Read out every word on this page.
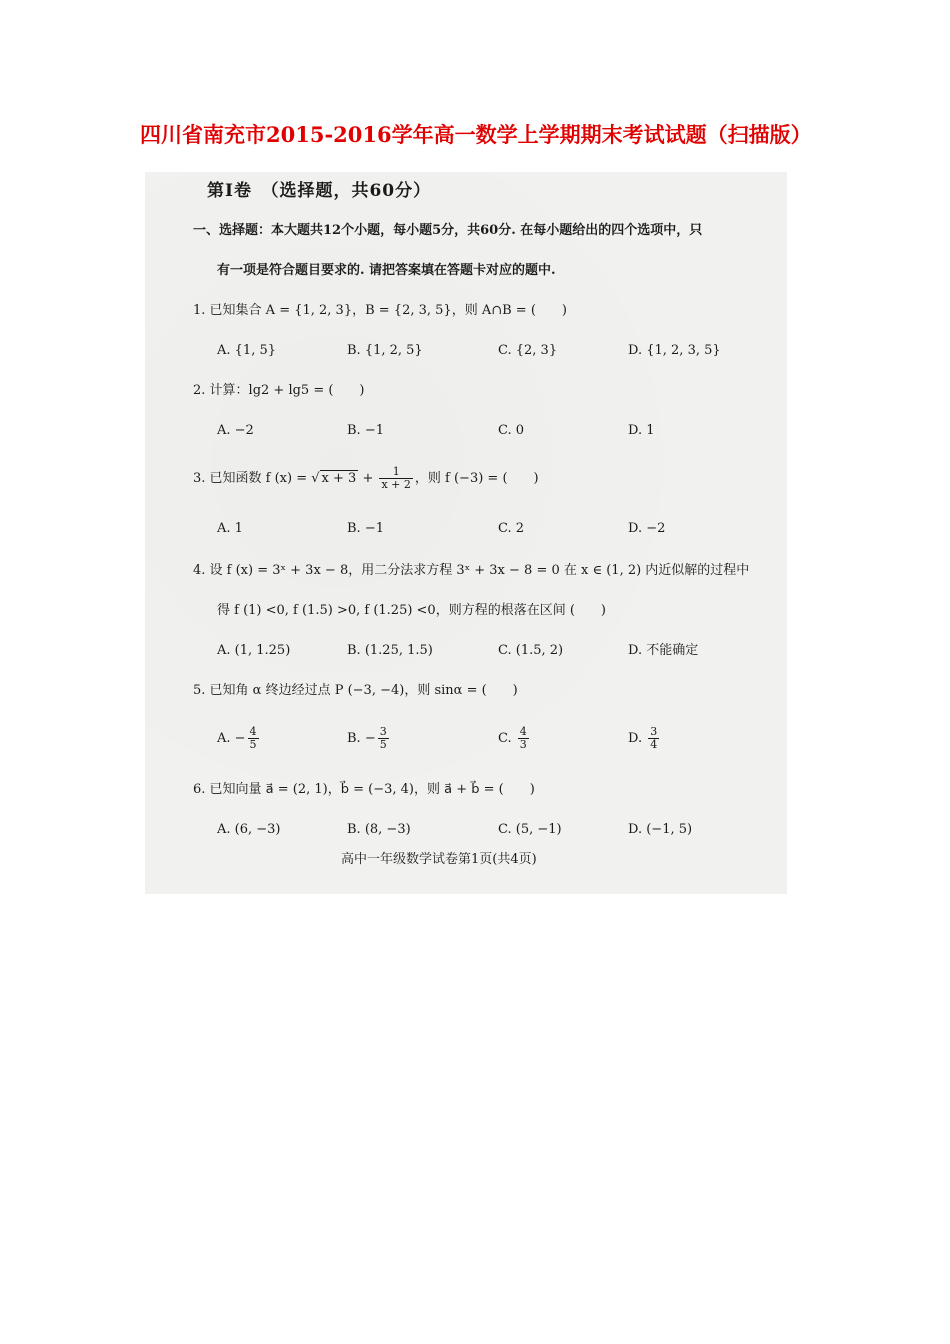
四川省南充市2015-2016学年高一数学上学期期末考试试题（扫描版）
第Ⅰ卷　（选择题，共60分）
一、选择题：本大题共12个小题，每小题5分，共60分. 在每小题给出的四个选项中，只
有一项是符合题目要求的. 请把答案填在答题卡对应的题中.
1. 已知集合 A = {1, 2, 3}，B = {2, 3, 5}，则 A∩B = (　　)
A. {1, 5}	B. {1, 2, 5}	C. {2, 3}	D. {1, 2, 3, 5}
2. 计算：lg2 + lg5 = (　　)
A. −2	B. −1	C. 0	D. 1
3. 已知函数 f (x) = √ $x + 3 + \frac{1}{x + 2}$ ，则 f (−3) = (　　)
A. 1	B. −1	C. 2	D. −2
4. 设 f (x) = 3ˣ + 3x − 8，用二分法求方程 3ˣ + 3x − 8 = 0 在 x ∈ (1, 2) 内近似解的过程中
得 f (1) <0, f (1.5) >0, f (1.25) <0，则方程的根落在区间 (　　)
A. (1, 1.25)	B. (1.25, 1.5)	C. (1.5, 2)	D. 不能确定
5. 已知角 α 终边经过点 P (−3, −4)，则 sinα = (　　)
A. − $\frac{4}{5}$	B. − $\frac{3}{5}$	C. $\frac{4}{3}$	D. $\frac{3}{4}$
6. 已知向量 a⃗ = (2, 1)，b⃗ = (−3, 4)，则 a⃗ + b⃗ = (　　)
A. (6, −3)	B. (8, −3)	C. (5, −1)	D. (−1, 5)
高中一年级数学试卷第1页(共4页)
